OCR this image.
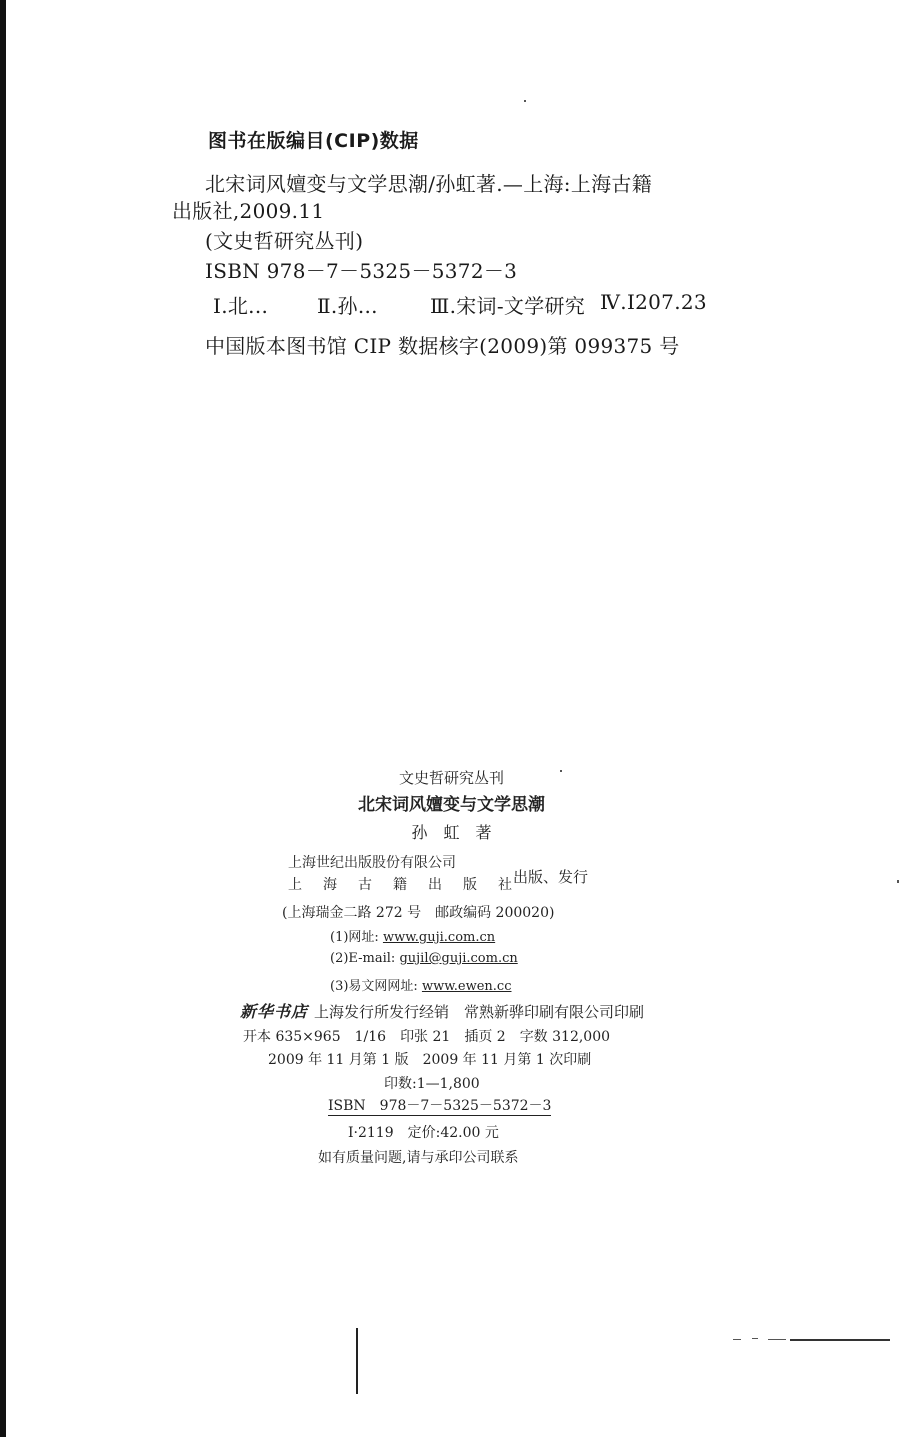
图书在版编目(CIP)数据
北宋词风嬗变与文学思潮/孙虹著.—上海:上海古籍
出版社,2009.11
(文史哲研究丛刊)
ISBN 978－7－5325－5372－3
Ⅰ.北... Ⅱ.孙...	Ⅲ.宋词-文学研究 Ⅳ.I207.23
中国版本图书馆 CIP 数据核字(2009)第 099375 号
文史哲研究丛刊
北宋词风嬗变与文学思潮
孙　虹　著
上海世纪出版股份有限公司
上 海 古 籍 出 版 社 出版、发行
(上海瑞金二路 272 号　邮政编码 200020)
(1)网址: www.guji.com.cn
(2)E-mail: gujil@guji.com.cn
(3)易文网网址: www.ewen.cc
新华书店 上海发行所发行经销　常熟新骅印刷有限公司印刷
开本 635×965　1/16 印张 21 插页 2 字数 312,000
2009 年 11 月第 1 版　2009 年 11 月第 1 次印刷
印数:1—1,800
ISBN　978－7－5325－5372－3
I·2119 定价:42.00 元
如有质量问题,请与承印公司联系
